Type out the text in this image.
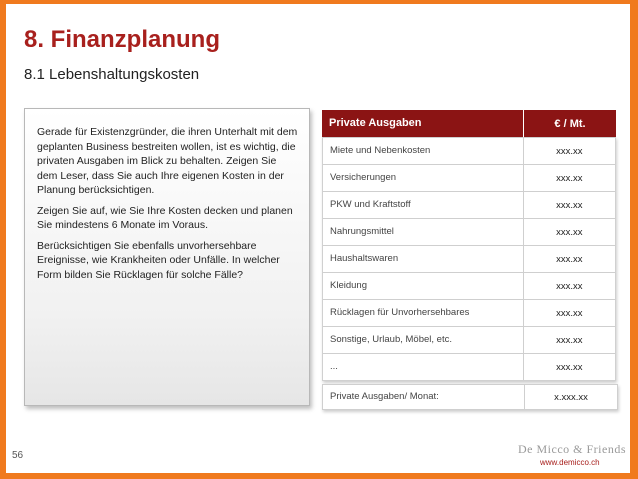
8. Finanzplanung
8.1 Lebenshaltungskosten

Gerade für Existenzgründer, die ihren Unterhalt mit dem geplanten Business bestreiten wollen, ist es wichtig, die privaten Ausgaben im Blick zu behalten. Zeigen Sie dem Leser, dass Sie auch Ihre eigenen Kosten in der Planung berücksichtigen.

Zeigen Sie auf, wie Sie Ihre Kosten decken und planen Sie mindestens 6 Monate im Voraus.

Berücksichtigen Sie ebenfalls unvorhersehbare Ereignisse, wie Krankheiten oder Unfälle. In welcher Form bilden Sie Rücklagen für solche Fälle?

Private Ausgaben	€ / Mt.
Miete und Nebenkosten	xxx.xx
Versicherungen	xxx.xx
PKW und Kraftstoff	xxx.xx
Nahrungsmittel	xxx.xx
Haushaltswaren	xxx.xx
Kleidung	xxx.xx
Rücklagen für Unvorhersehbares	xxx.xx
Sonstige, Urlaub, Möbel, etc.	xxx.xx
...	xxx.xx
Private Ausgaben/ Monat:	x.xxx.xx
56	De Micco & Friends
www.demicco.ch
